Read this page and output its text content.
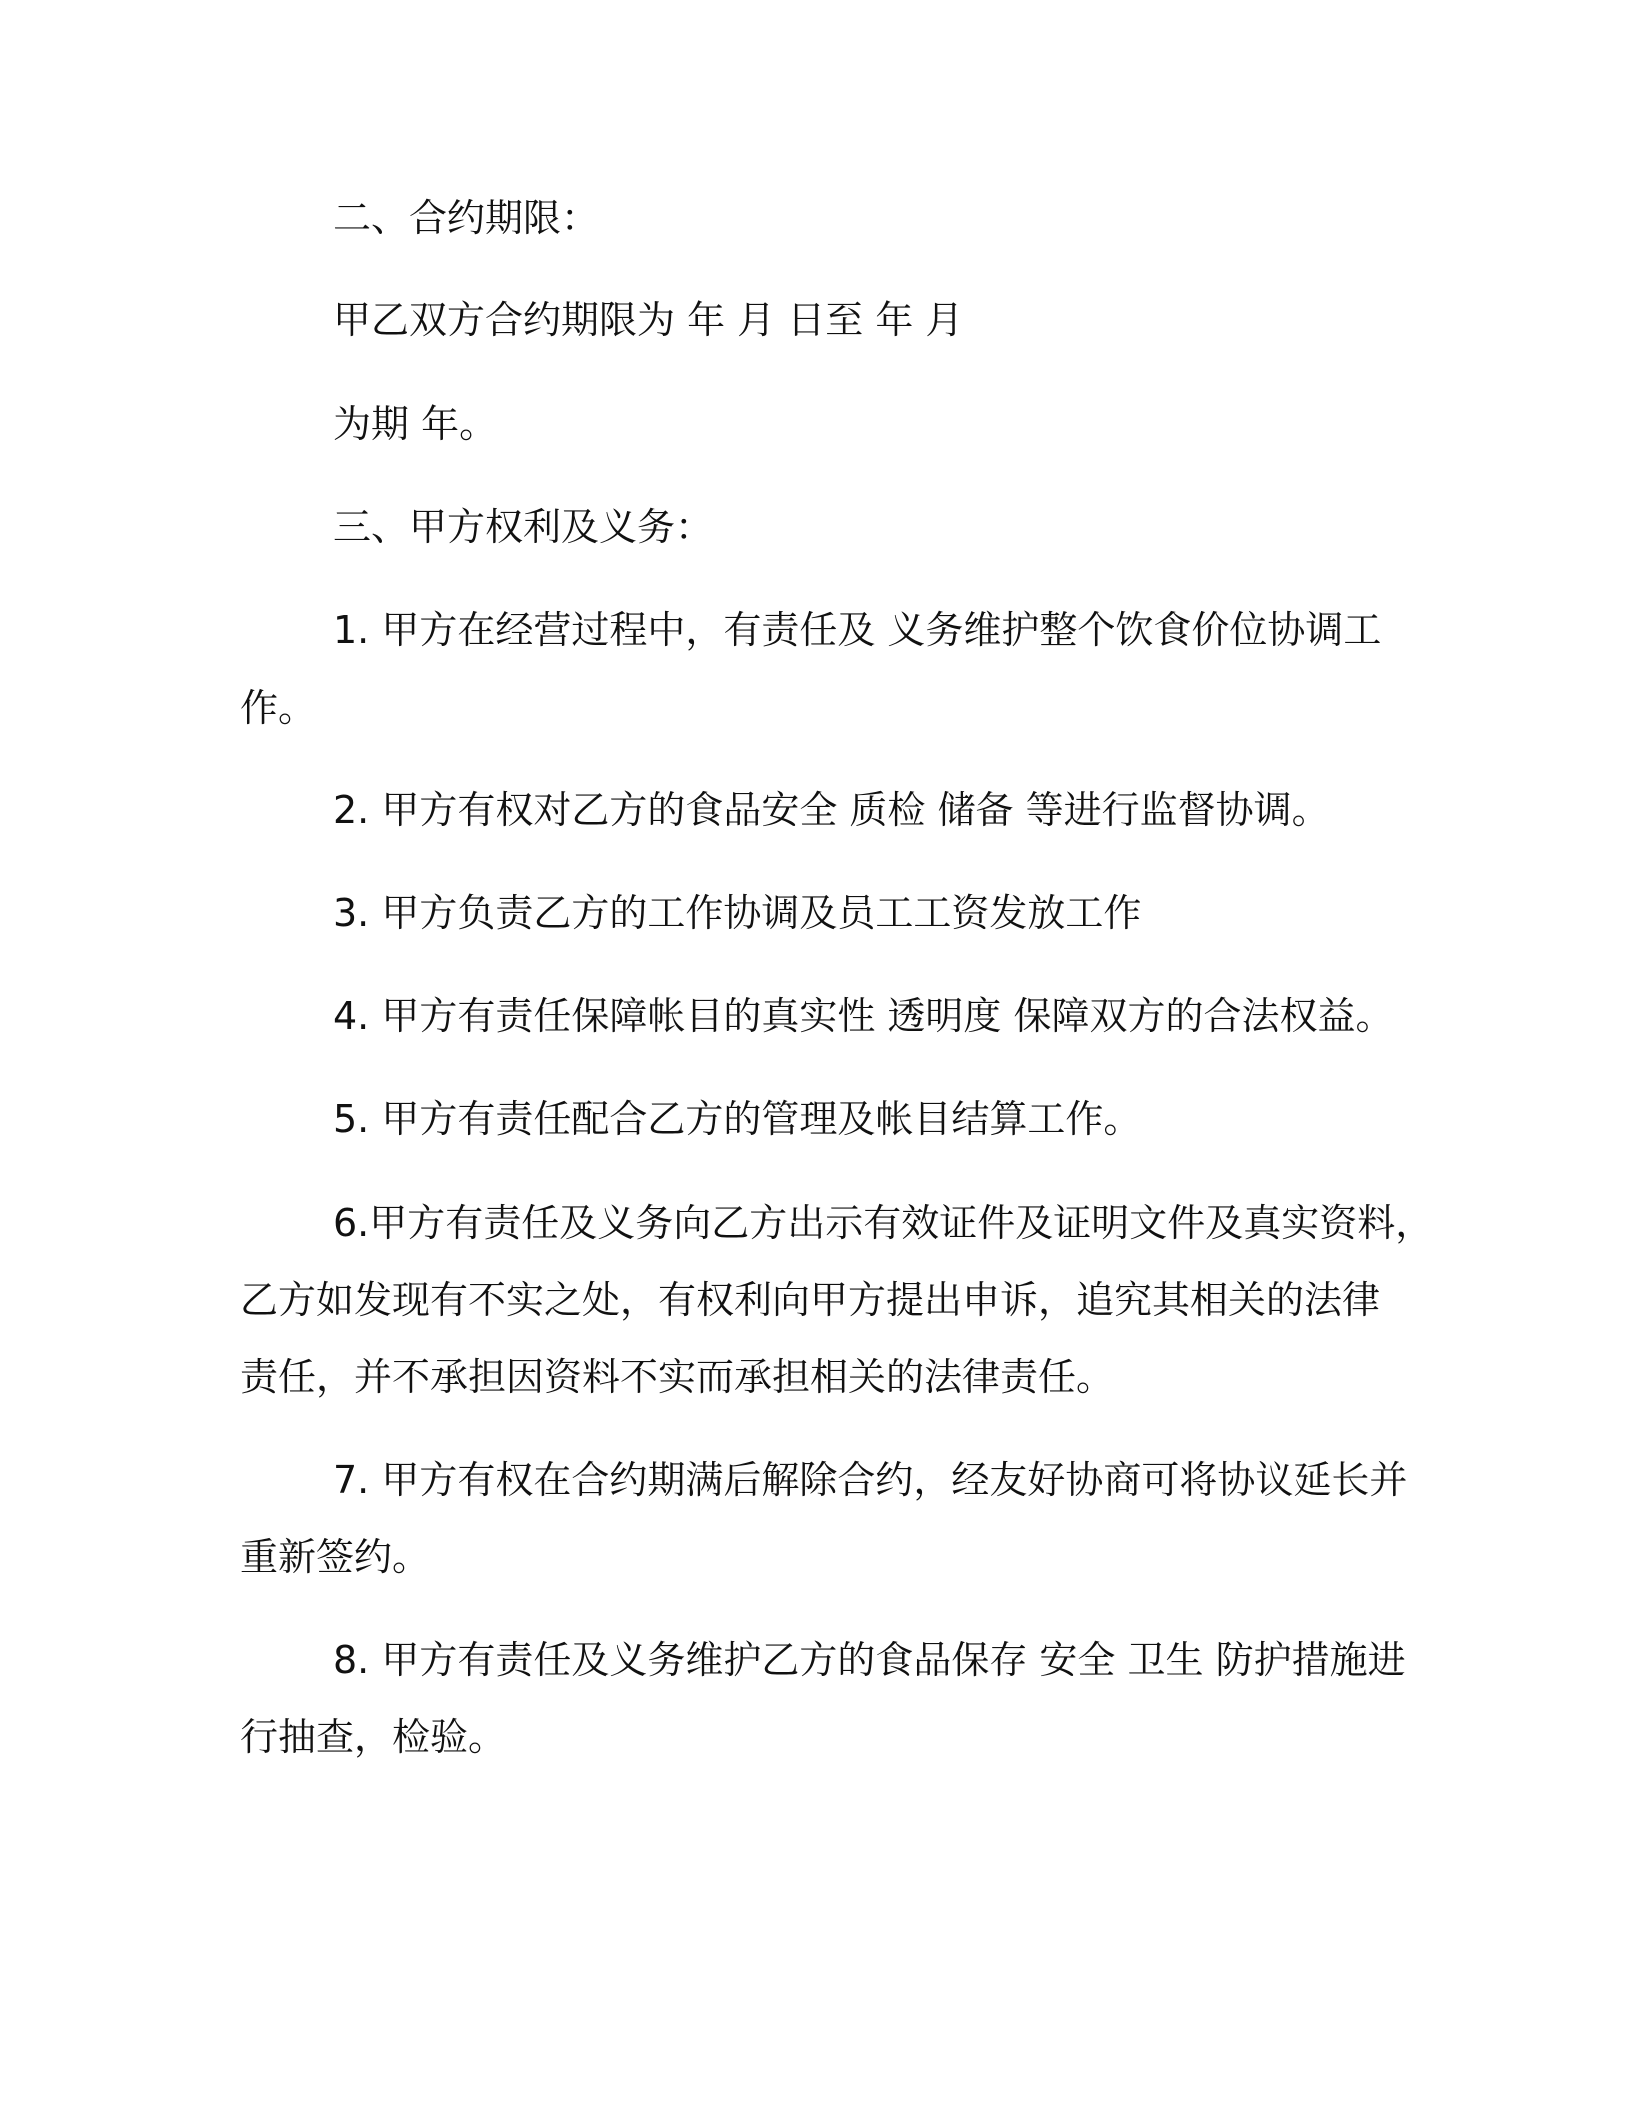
二、合约期限：
甲乙双方合约期限为 年 月 日至 年 月
为期 年。
三、甲方权利及义务：
1. 甲方在经营过程中，有责任及 义务维护整个饮食价位协调工
作。
2. 甲方有权对乙方的食品安全 质检 储备 等进行监督协调。
3. 甲方负责乙方的工作协调及员工工资发放工作
4. 甲方有责任保障帐目的真实性 透明度 保障双方的合法权益。
5. 甲方有责任配合乙方的管理及帐目结算工作。
6.甲方有责任及义务向乙方出示有效证件及证明文件及真实资料，
乙方如发现有不实之处，有权利向甲方提出申诉，追究其相关的法律
责任，并不承担因资料不实而承担相关的法律责任。
7. 甲方有权在合约期满后解除合约，经友好协商可将协议延长并
重新签约。
8. 甲方有责任及义务维护乙方的食品保存 安全 卫生 防护措施进
行抽查，检验。
